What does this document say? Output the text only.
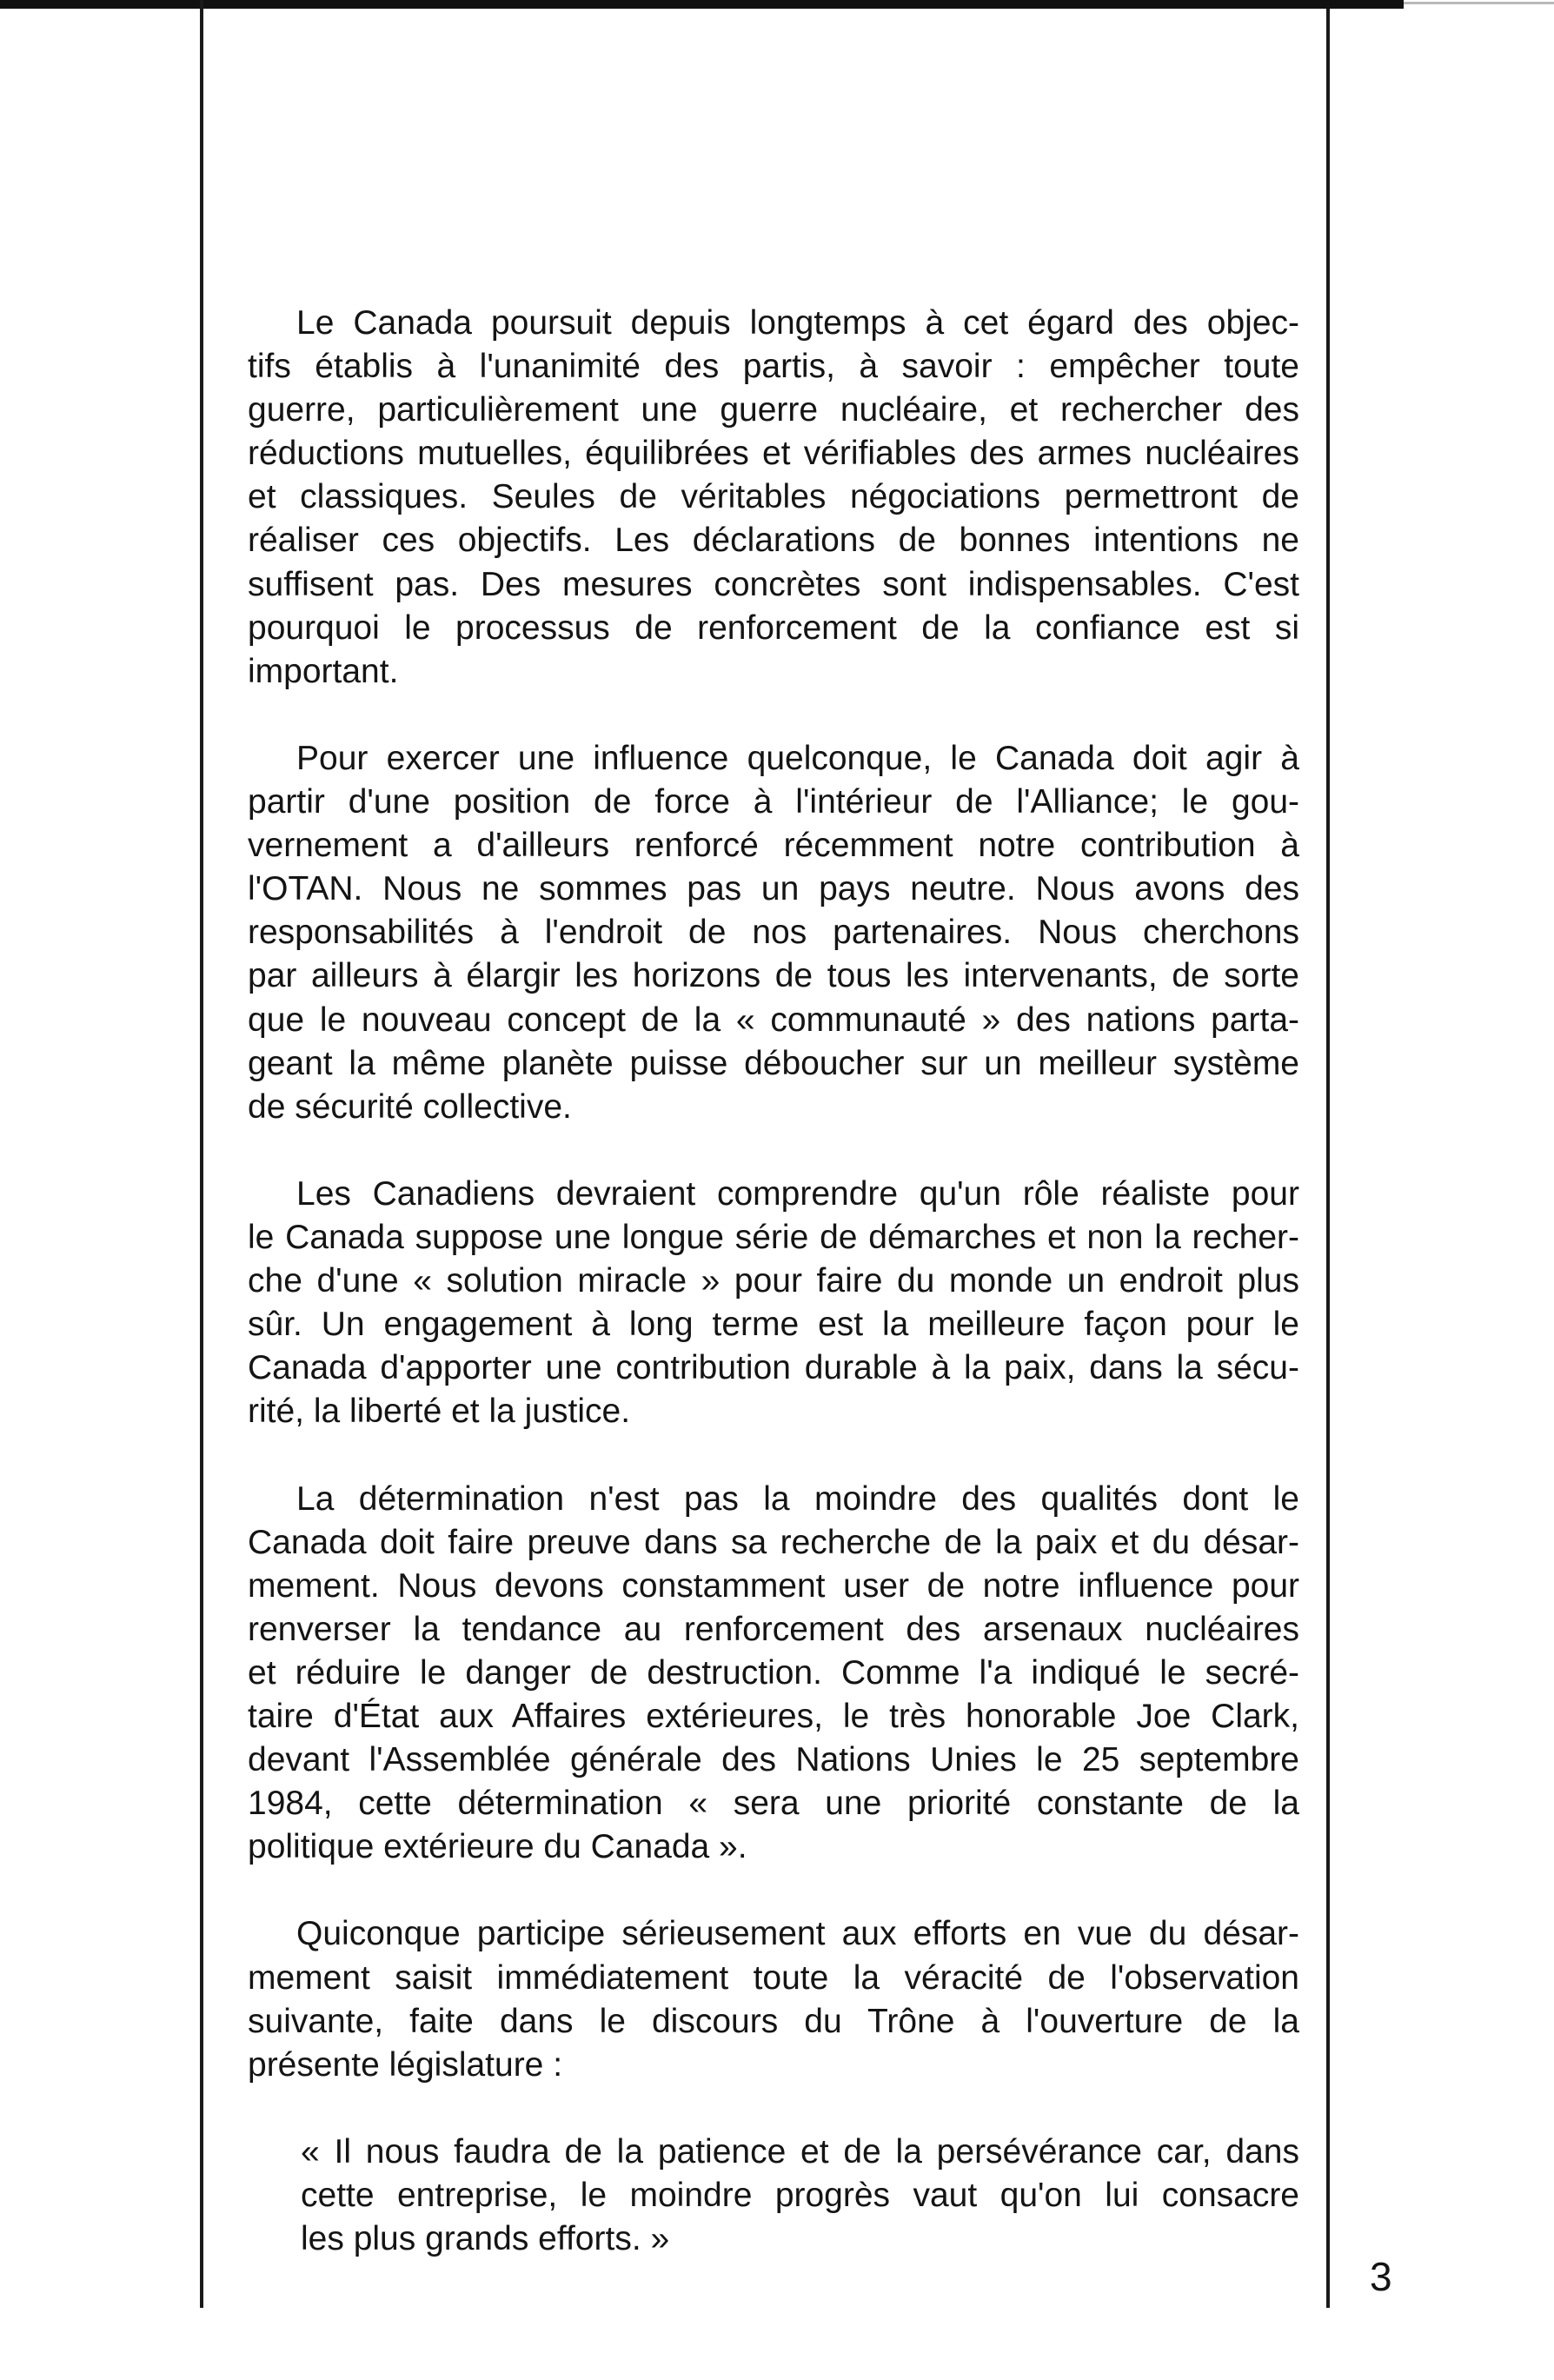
Le Canada poursuit depuis longtemps à cet égard des objec-
tifs établis à l'unanimité des partis, à savoir : empêcher toute
guerre, particulièrement une guerre nucléaire, et rechercher des
réductions mutuelles, équilibrées et vérifiables des armes nucléaires
et classiques. Seules de véritables négociations permettront de
réaliser ces objectifs. Les déclarations de bonnes intentions ne
suffisent pas. Des mesures concrètes sont indispensables. C'est
pourquoi le processus de renforcement de la confiance est si
important.
Pour exercer une influence quelconque, le Canada doit agir à
partir d'une position de force à l'intérieur de l'Alliance; le gou-
vernement a d'ailleurs renforcé récemment notre contribution à
l'OTAN. Nous ne sommes pas un pays neutre. Nous avons des
responsabilités à l'endroit de nos partenaires. Nous cherchons
par ailleurs à élargir les horizons de tous les intervenants, de sorte
que le nouveau concept de la « communauté » des nations parta-
geant la même planète puisse déboucher sur un meilleur système
de sécurité collective.
Les Canadiens devraient comprendre qu'un rôle réaliste pour
le Canada suppose une longue série de démarches et non la recher-
che d'une « solution miracle » pour faire du monde un endroit plus
sûr. Un engagement à long terme est la meilleure façon pour le
Canada d'apporter une contribution durable à la paix, dans la sécu-
rité, la liberté et la justice.
La détermination n'est pas la moindre des qualités dont le
Canada doit faire preuve dans sa recherche de la paix et du désar-
mement. Nous devons constamment user de notre influence pour
renverser la tendance au renforcement des arsenaux nucléaires
et réduire le danger de destruction. Comme l'a indiqué le secré-
taire d'État aux Affaires extérieures, le très honorable Joe Clark,
devant l'Assemblée générale des Nations Unies le 25 septembre
1984, cette détermination « sera une priorité constante de la
politique extérieure du Canada ».
Quiconque participe sérieusement aux efforts en vue du désar-
mement saisit immédiatement toute la véracité de l'observation
suivante, faite dans le discours du Trône à l'ouverture de la
présente législature :
« Il nous faudra de la patience et de la persévérance car, dans
cette entreprise, le moindre progrès vaut qu'on lui consacre
les plus grands efforts. »
3
